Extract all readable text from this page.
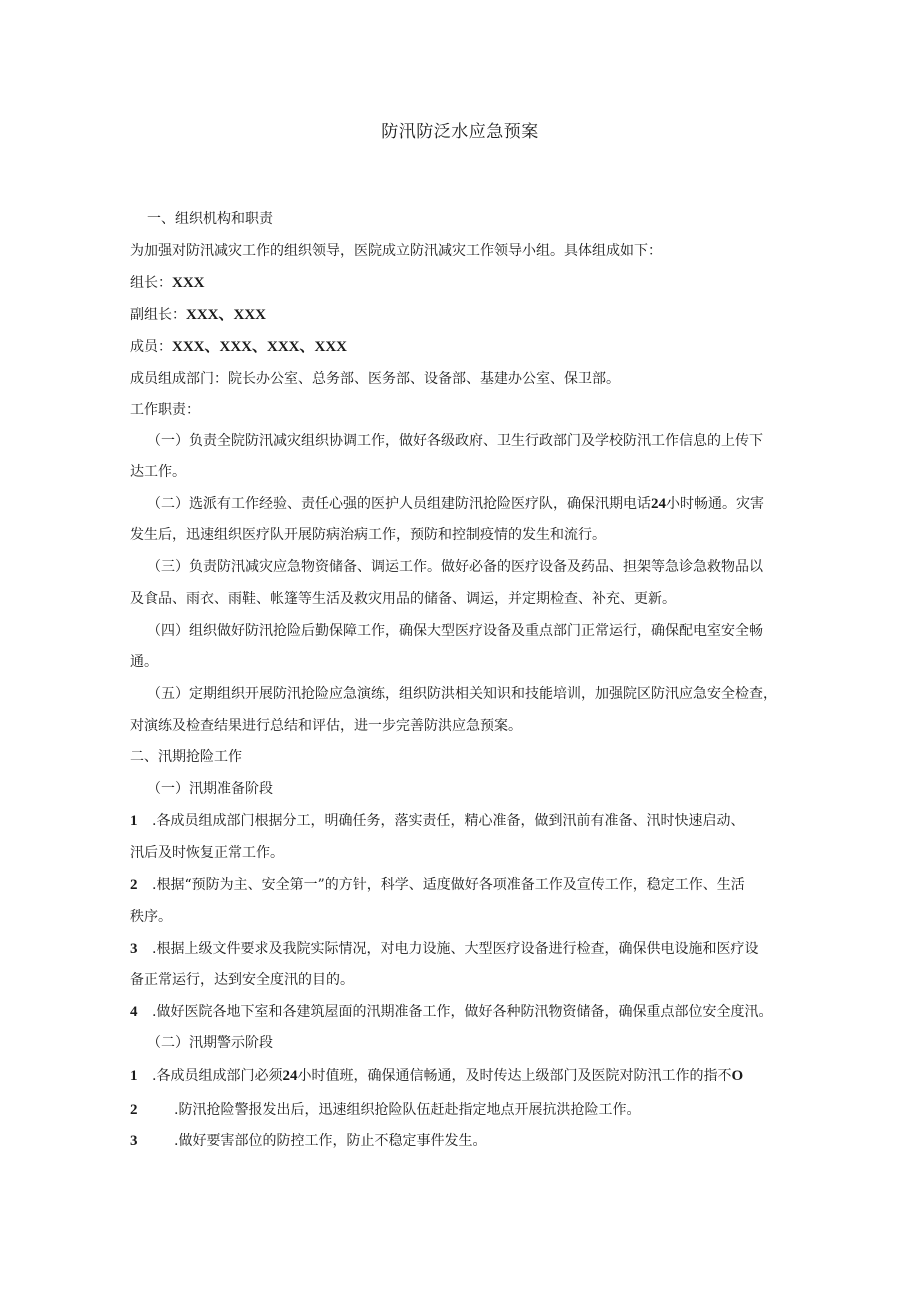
防汛防泛水应急预案
一、组织机构和职责
为加强对防汛减灾工作的组织领导，医院成立防汛减灾工作领导小组。具体组成如下：
组长：XXX
副组长：XXX、XXX
成员：XXX、XXX、XXX、XXX
成员组成部门：院长办公室、总务部、医务部、设备部、基建办公室、保卫部。
工作职责：
（一）负责全院防汛减灾组织协调工作，做好各级政府、卫生行政部门及学校防汛工作信息的上传下
达工作。
（二）选派有工作经验、责任心强的医护人员组建防汛抢险医疗队，确保汛期电话24小时畅通。灾害
发生后，迅速组织医疗队开展防病治病工作，预防和控制疫情的发生和流行。
（三）负责防汛减灾应急物资储备、调运工作。做好必备的医疗设备及药品、担架等急诊急救物品以
及食品、雨衣、雨鞋、帐篷等生活及救灾用品的储备、调运，并定期检查、补充、更新。
（四）组织做好防汛抢险后勤保障工作，确保大型医疗设备及重点部门正常运行，确保配电室安全畅
通。
（五）定期组织开展防汛抢险应急演练，组织防洪相关知识和技能培训，加强院区防汛应急安全检查，
对演练及检查结果进行总结和评估，进一步完善防洪应急预案。
二、汛期抢险工作
（一）汛期准备阶段
1 .各成员组成部门根据分工，明确任务，落实责任，精心准备，做到汛前有准备、汛时快速启动、
汛后及时恢复正常工作。
2 .根据“预防为主、安全第一”的方针，科学、适度做好各项准备工作及宣传工作，稳定工作、生活
秩序。
3 .根据上级文件要求及我院实际情况，对电力设施、大型医疗设备进行检查，确保供电设施和医疗设
备正常运行，达到安全度汛的目的。
4 .做好医院各地下室和各建筑屋面的汛期准备工作，做好各种防汛物资储备，确保重点部位安全度汛。
（二）汛期警示阶段
1 .各成员组成部门必须24小时值班，确保通信畅通，及时传达上级部门及医院对防汛工作的指不O
2	.防汛抢险警报发出后，迅速组织抢险队伍赶赴指定地点开展抗洪抢险工作。
3	.做好要害部位的防控工作，防止不稳定事件发生。
